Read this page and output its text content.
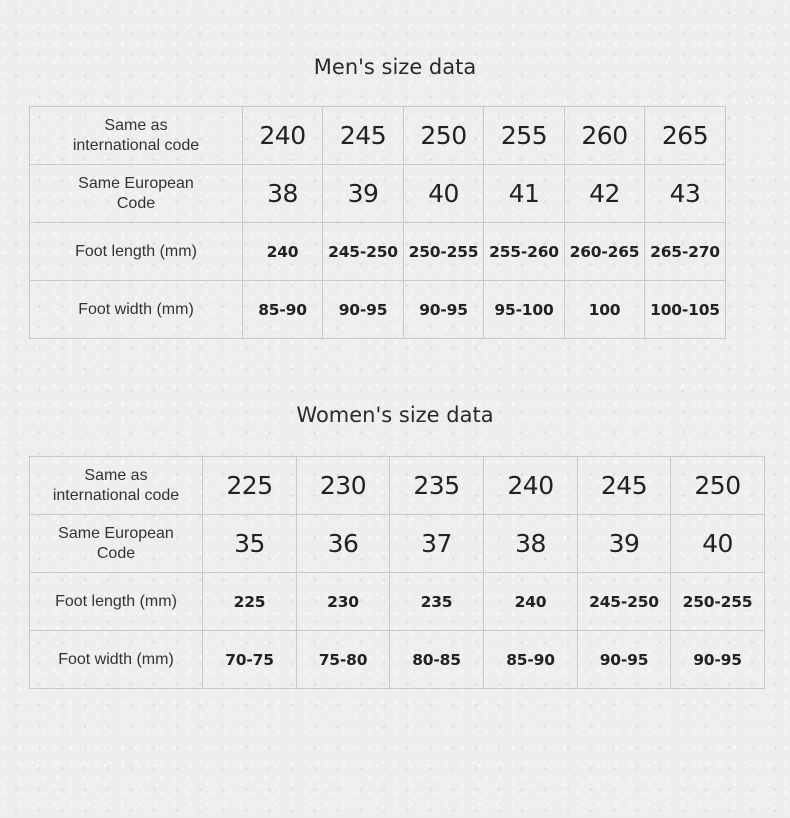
Men's size data
Same as
international code	240	245	250	255	260	265
Same European
Code	38	39	40	41	42	43
Foot length (mm)	240	245-250	250-255	255-260	260-265	265-270
Foot width (mm)	85-90	90-95	90-95	95-100	100	100-105
Women's size data
Same as
international code	225	230	235	240	245	250
Same European
Code	35	36	37	38	39	40
Foot length (mm)	225	230	235	240	245-250	250-255
Foot width (mm)	70-75	75-80	80-85	85-90	90-95	90-95
